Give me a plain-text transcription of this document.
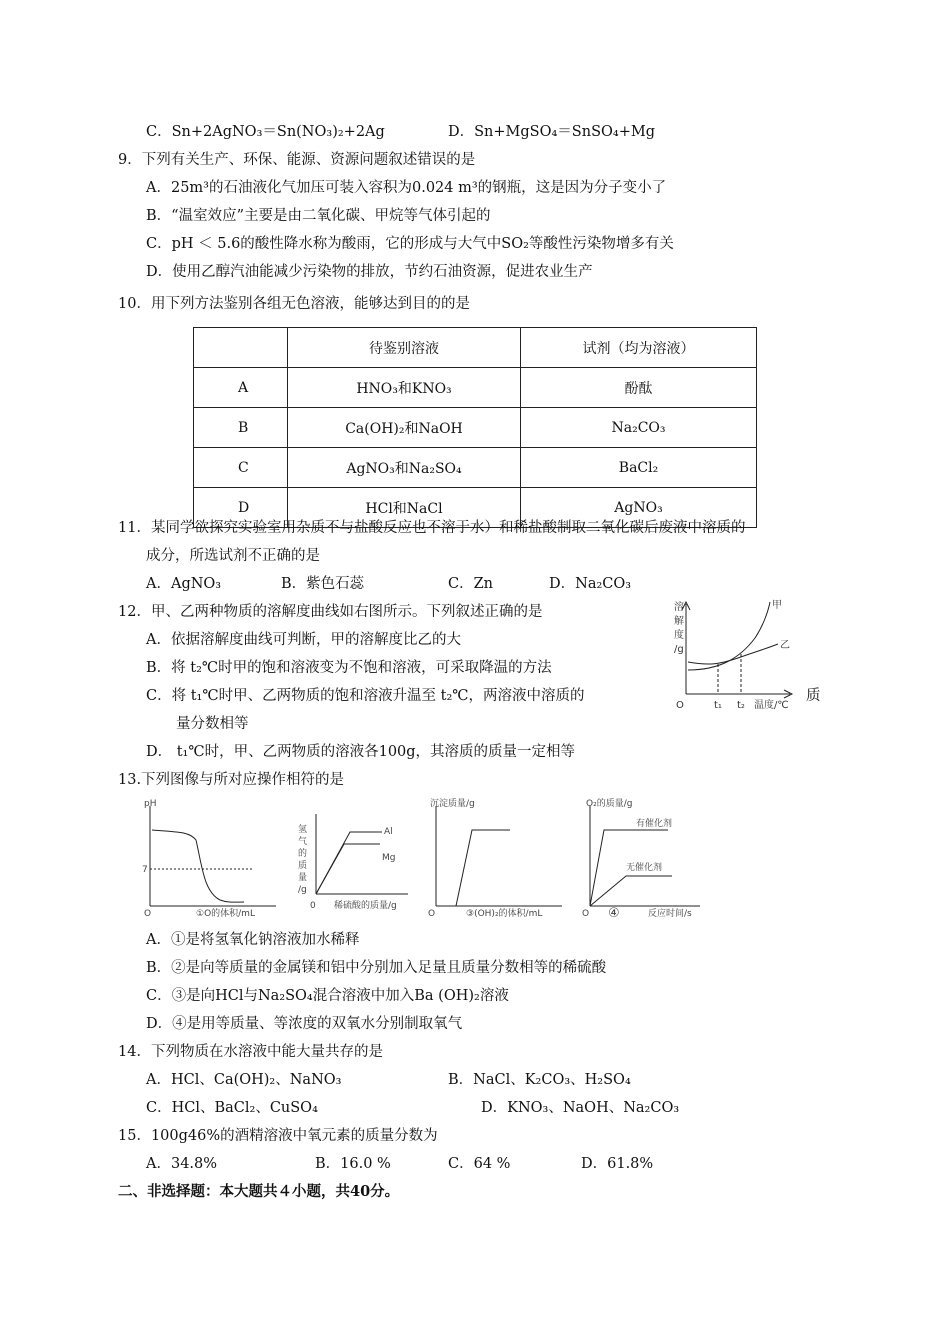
C．Sn+2AgNO₃＝Sn(NO₃)₂+2Ag	D．Sn+MgSO₄＝SnSO₄+Mg
9．下列有关生产、环保、能源、资源问题叙述错误的是
A．25m³的石油液化气加压可装入容积为0.024 m³的钢瓶，这是因为分子变小了
B．“温室效应”主要是由二氧化碳、甲烷等气体引起的
C．pH ＜ 5.6的酸性降水称为酸雨，它的形成与大气中SO₂等酸性污染物增多有关
D．使用乙醇汽油能减少污染物的排放，节约石油资源，促进农业生产
10．用下列方法鉴别各组无色溶液，能够达到目的的是
	待鉴别溶液	试剂（均为溶液）
A	HNO₃和KNO₃	酚酞
B	Ca(OH)₂和NaOH	Na₂CO₃
C	AgNO₃和Na₂SO₄	BaCl₂
D	HCl和NaCl	AgNO₃
11．某同学欲探究实验室用杂质不与盐酸反应也不溶于水）和稀盐酸制取二氧化碳后废液中溶质的
成分，所选试剂不正确的是
A．AgNO₃	B．紫色石蕊	C．Zn	D．Na₂CO₃
12．甲、乙两种物质的溶解度曲线如右图所示。下列叙述正确的是
A．依据溶解度曲线可判断，甲的溶解度比乙的大
B．将 t₂℃时甲的饱和溶液变为不饱和溶液，可采取降温的方法
C．将 t₁℃时甲、乙两物质的饱和溶液升温至 t₂℃，两溶液中溶质的	质
量分数相等
D． t₁℃时，甲、乙两物质的溶液各100g，其溶质的质量一定相等
溶
解
度
/g
O	t₁ t₂ 温度/℃
甲
乙
13.下列图像与所对应操作相符的是
pH
7
O	①O的体积/mL
氢
气
的
质
量
/g
Al
Mg
0 稀硫酸的质量/g
沉淀质量/g
O	③(OH)₂的体积/mL
O₂的质量/g
有催化剂
无催化剂
O ④	反应时间/s
A．①是将氢氧化钠溶液加水稀释
B．②是向等质量的金属镁和铝中分别加入足量且质量分数相等的稀硫酸
C．③是向HCl与Na₂SO₄混合溶液中加入Ba (OH)₂溶液
D．④是用等质量、等浓度的双氧水分别制取氧气
14．下列物质在水溶液中能大量共存的是
A．HCl、Ca(OH)₂、NaNO₃	B．NaCl、K₂CO₃、H₂SO₄
C．HCl、BaCl₂、CuSO₄	D．KNO₃、NaOH、Na₂CO₃
15．100g46%的酒精溶液中氧元素的质量分数为
A．34.8%	B．16.0 %	C．64 %	D．61.8%
二、非选择题：本大题共４小题，共40分。
